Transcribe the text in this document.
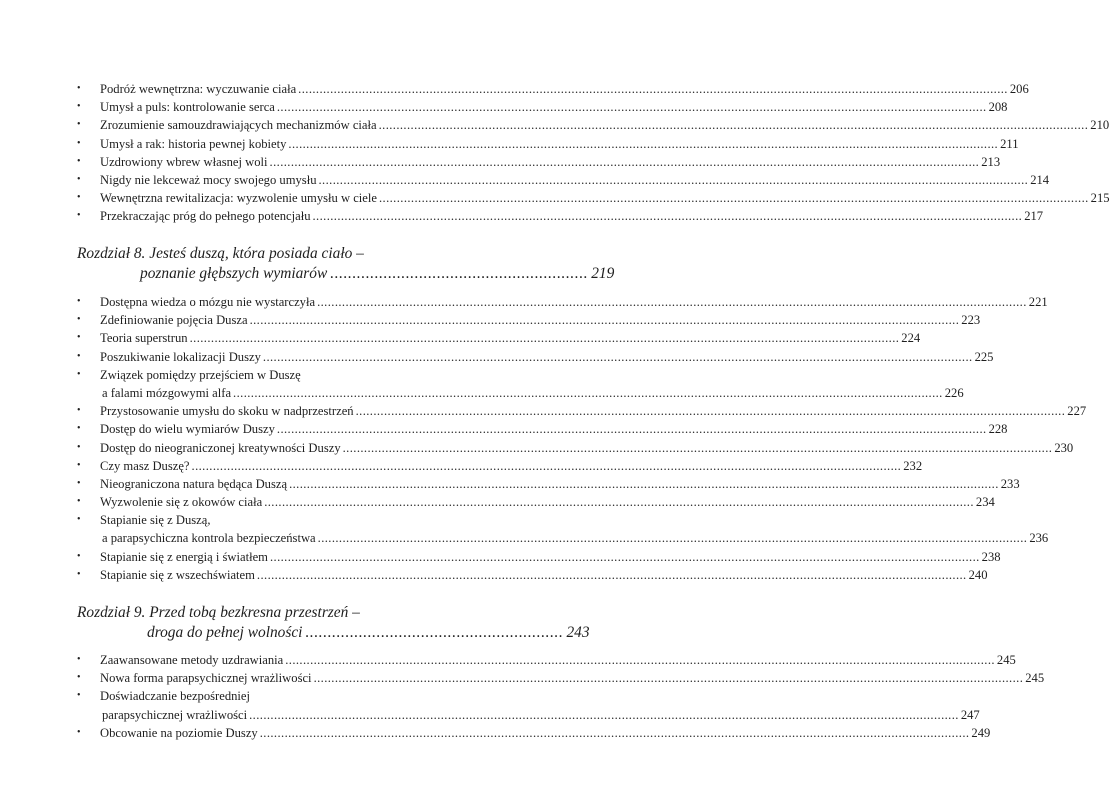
• Podróż wewnętrzna: wyczuwanie ciała ........................................................................................................................................................................................................ 206
• Umysł a puls: kontrolowanie serca ........................................................................................................................................................................................................ 208
• Zrozumienie samouzdrawiających mechanizmów ciała ........................................................................................................................................................................................................ 210
• Umysł a rak: historia pewnej kobiety ........................................................................................................................................................................................................ 211
• Uzdrowiony wbrew własnej woli ........................................................................................................................................................................................................ 213
• Nigdy nie lekceważ mocy swojego umysłu ........................................................................................................................................................................................................ 214
• Wewnętrzna rewitalizacja: wyzwolenie umysłu w ciele ........................................................................................................................................................................................................ 215
• Przekraczając próg do pełnego potencjału ........................................................................................................................................................................................................ 217
Rozdział 8. Jesteś duszą, która posiada ciało –
poznanie głębszych wymiarów .......................................................... 219
• Dostępna wiedza o mózgu nie wystarczyła ........................................................................................................................................................................................................ 221
• Zdefiniowanie pojęcia Dusza ........................................................................................................................................................................................................ 223
• Teoria superstrun ........................................................................................................................................................................................................ 224
• Poszukiwanie lokalizacji Duszy ........................................................................................................................................................................................................ 225
• Związek pomiędzy przejściem w Duszę
a falami mózgowymi alfa ........................................................................................................................................................................................................ 226
• Przystosowanie umysłu do skoku w nadprzestrzeń ........................................................................................................................................................................................................ 227
• Dostęp do wielu wymiarów Duszy ........................................................................................................................................................................................................ 228
• Dostęp do nieograniczonej kreatywności Duszy ........................................................................................................................................................................................................ 230
• Czy masz Duszę? ........................................................................................................................................................................................................ 232
• Nieograniczona natura będąca Duszą ........................................................................................................................................................................................................ 233
• Wyzwolenie się z okowów ciała ........................................................................................................................................................................................................ 234
• Stapianie się z Duszą,
a parapsychiczna kontrola bezpieczeństwa ........................................................................................................................................................................................................ 236
• Stapianie się z energią i światłem ........................................................................................................................................................................................................ 238
• Stapianie się z wszechświatem ........................................................................................................................................................................................................ 240
Rozdział 9. Przed tobą bezkresna przestrzeń –
droga do pełnej wolności .......................................................... 243
• Zaawansowane metody uzdrawiania ........................................................................................................................................................................................................ 245
• Nowa forma parapsychicznej wrażliwości ........................................................................................................................................................................................................ 245
• Doświadczanie bezpośredniej
parapsychicznej wrażliwości ........................................................................................................................................................................................................ 247
• Obcowanie na poziomie Duszy ........................................................................................................................................................................................................ 249
